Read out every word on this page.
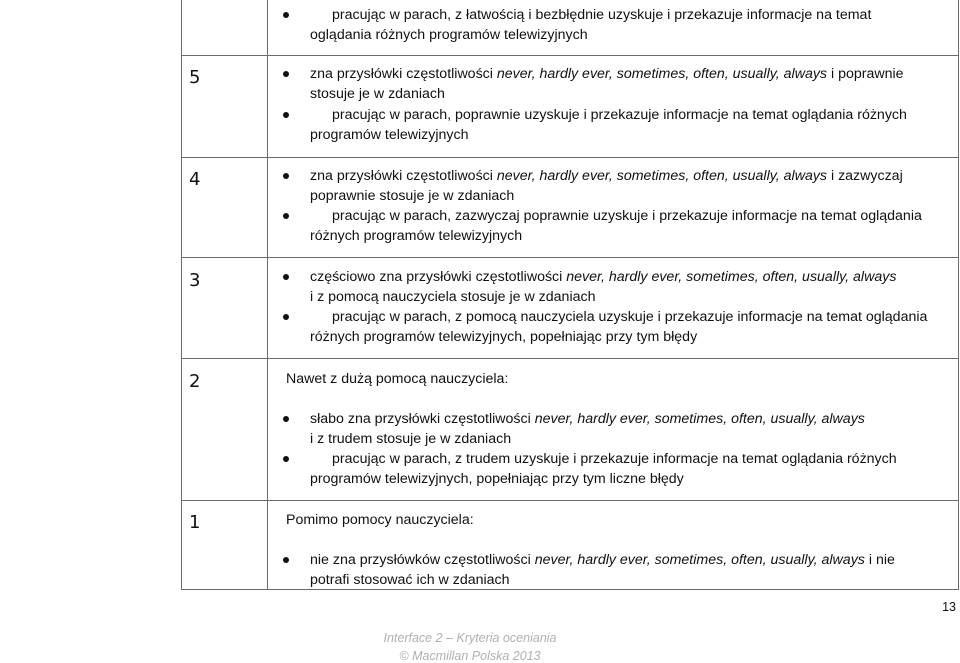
pracując w parach, z łatwością i bezbłędnie uzyskuje i przekazuje informacje na temat
oglądania różnych programów telewizyjnych
5	zna przysłówki częstotliwości never, hardly ever, sometimes, often, usually, always i poprawnie
stosuje je w zdaniach
pracując w parach, poprawnie uzyskuje i przekazuje informacje na temat oglądania różnych
programów telewizyjnych
4	zna przysłówki częstotliwości never, hardly ever, sometimes, often, usually, always i zazwyczaj
poprawnie stosuje je w zdaniach
pracując w parach, zazwyczaj poprawnie uzyskuje i przekazuje informacje na temat oglądania
różnych programów telewizyjnych
3	częściowo zna przysłówki częstotliwości never, hardly ever, sometimes, often, usually, always
i z pomocą nauczyciela stosuje je w zdaniach
pracując w parach, z pomocą nauczyciela uzyskuje i przekazuje informacje na temat oglądania
różnych programów telewizyjnych, popełniając przy tym błędy
2	Nawet z dużą pomocą nauczyciela:
słabo zna przysłówki częstotliwości never, hardly ever, sometimes, often, usually, always
i z trudem stosuje je w zdaniach
pracując w parach, z trudem uzyskuje i przekazuje informacje na temat oglądania różnych
programów telewizyjnych, popełniając przy tym liczne błędy
1	Pomimo pomocy nauczyciela:
nie zna przysłówków częstotliwości never, hardly ever, sometimes, often, usually, always i nie
potrafi stosować ich w zdaniach
13
Interface 2 – Kryteria oceniania
© Macmillan Polska 2013
